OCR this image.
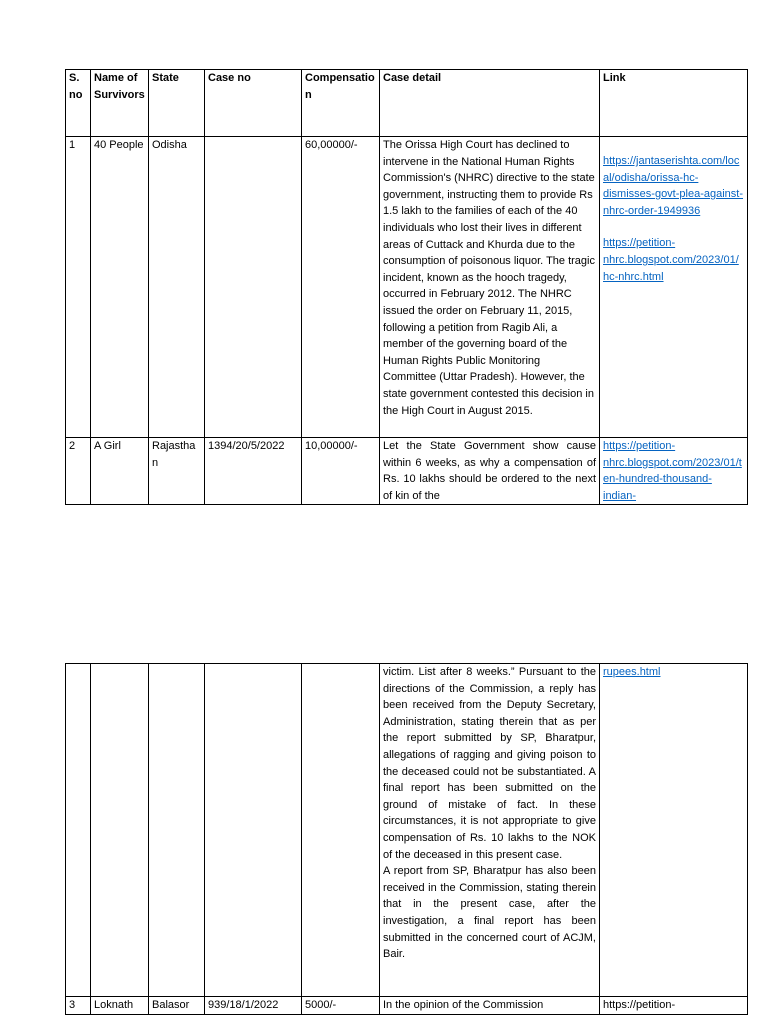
S. no	Name of Survivors	State	Case no	Compensation	Case detail	Link
1	40 People	Odisha		60,00000/-	The Orissa High Court has declined to intervene in the National Human Rights Commission's (NHRC) directive to the state government, instructing them to provide Rs 1.5 lakh to the families of each of the 40 individuals who lost their lives in different areas of Cuttack and Khurda due to the consumption of poisonous liquor. The tragic incident, known as the hooch tragedy, occurred in February 2012. The NHRC issued the order on February 11, 2015, following a petition from Ragib Ali, a member of the governing board of the Human Rights Public Monitoring Committee (Uttar Pradesh). However, the state government contested this decision in the High Court in August 2015.	https://jantaserishta.com/local/odisha/orissa-hc-dismisses-govt-plea-against-nhrc-order-1949936
https://petition-nhrc.blogspot.com/2023/01/hc-nhrc.html

2	A Girl	Rajasthan	1394/20/5/2022	10,00000/-	Let the State Government show cause within 6 weeks, as why a compensation of Rs. 10 lakhs should be ordered to the next of kin of the	https://petition-nhrc.blogspot.com/2023/01/ten-hundred-thousand-indian-

					victim. List after 8 weeks.” Pursuant to the directions of the Commission, a reply has been received from the Deputy Secretary, Administration, stating therein that as per the report submitted by SP, Bharatpur, allegations of ragging and giving poison to the deceased could not be substantiated. A final report has been submitted on the ground of mistake of fact. In these circumstances, it is not appropriate to give compensation of Rs. 10 lakhs to the NOK of the deceased in this present case.
A report from SP, Bharatpur has also been received in the Commission, stating therein that in the present case, after the investigation, a final report has been submitted in the concerned court of ACJM, Bair.	rupees.html

3	Loknath	Balasor	939/18/1/2022	5000/-	In the opinion of the Commission	https://petition-
